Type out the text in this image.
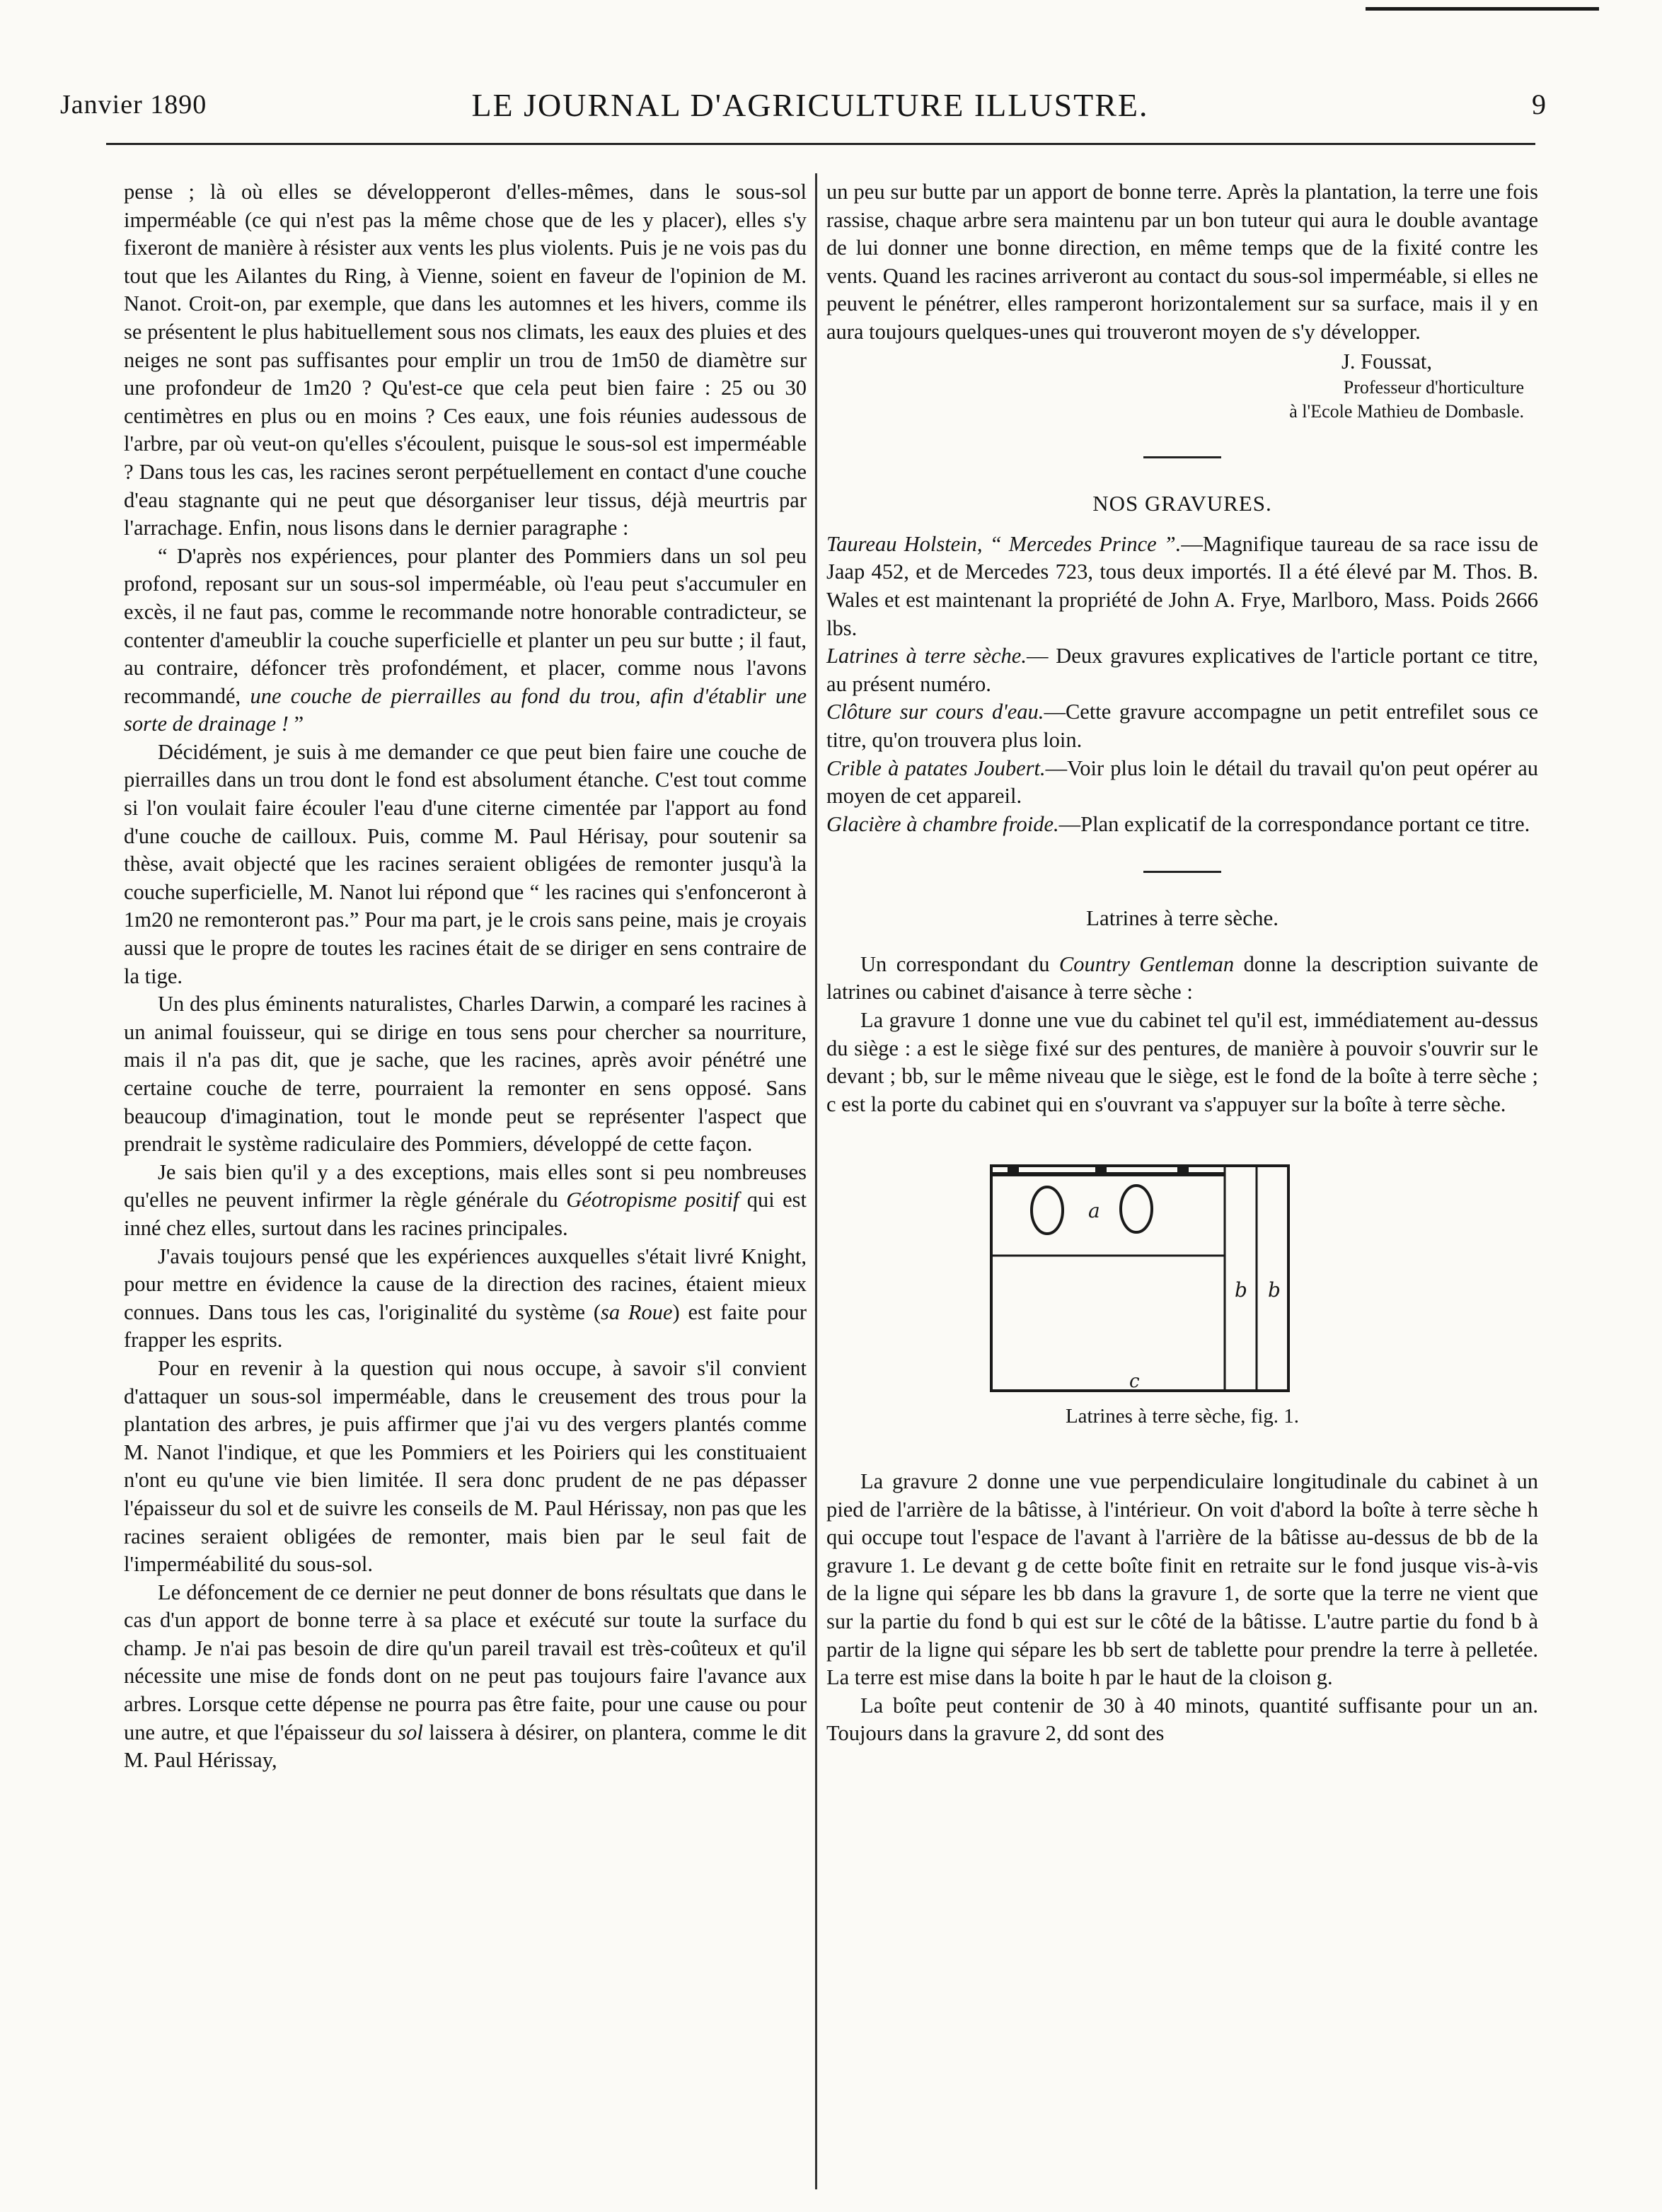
Janvier 1890	LE JOURNAL D'AGRICULTURE ILLUSTRE.	9

pense ; là où elles se développeront d'elles-mêmes, dans le sous-sol imperméable (ce qui n'est pas la même chose que de les y placer), elles s'y fixeront de manière à résister aux vents les plus violents. Puis je ne vois pas du tout que les Ailantes du Ring, à Vienne, soient en faveur de l'opinion de M. Nanot. Croit-on, par exemple, que dans les automnes et les hivers, comme ils se présentent le plus habituellement sous nos climats, les eaux des pluies et des neiges ne sont pas suffisantes pour emplir un trou de 1m50 de diamètre sur une profondeur de 1m20 ? Qu'est-ce que cela peut bien faire : 25 ou 30 centimètres en plus ou en moins ? Ces eaux, une fois réunies audessous de l'arbre, par où veut-on qu'elles s'écoulent, puisque le sous-sol est imperméable ? Dans tous les cas, les racines seront perpétuellement en contact d'une couche d'eau stagnante qui ne peut que désorganiser leur tissus, déjà meurtris par l'arrachage. Enfin, nous lisons dans le dernier paragraphe :

“ D'après nos expériences, pour planter des Pommiers dans un sol peu profond, reposant sur un sous-sol imperméable, où l'eau peut s'accumuler en excès, il ne faut pas, comme le recommande notre honorable contradicteur, se contenter d'ameublir la couche superficielle et planter un peu sur butte ; il faut, au contraire, défoncer très profondément, et placer, comme nous l'avons recommandé, une couche de pierrailles au fond du trou, afin d'établir une sorte de drainage ! ”

Décidément, je suis à me demander ce que peut bien faire une couche de pierrailles dans un trou dont le fond est absolument étanche. C'est tout comme si l'on voulait faire écouler l'eau d'une citerne cimentée par l'apport au fond d'une couche de cailloux. Puis, comme M. Paul Hérisay, pour soutenir sa thèse, avait objecté que les racines seraient obligées de remonter jusqu'à la couche superficielle, M. Nanot lui répond que “ les racines qui s'enfonceront à 1m20 ne remonteront pas.” Pour ma part, je le crois sans peine, mais je croyais aussi que le propre de toutes les racines était de se diriger en sens contraire de la tige.

Un des plus éminents naturalistes, Charles Darwin, a comparé les racines à un animal fouisseur, qui se dirige en tous sens pour chercher sa nourriture, mais il n'a pas dit, que je sache, que les racines, après avoir pénétré une certaine couche de terre, pourraient la remonter en sens opposé. Sans beaucoup d'imagination, tout le monde peut se représenter l'aspect que prendrait le système radiculaire des Pommiers, développé de cette façon.

Je sais bien qu'il y a des exceptions, mais elles sont si peu nombreuses qu'elles ne peuvent infirmer la règle générale du Géotropisme positif qui est inné chez elles, surtout dans les racines principales.

J'avais toujours pensé que les expériences auxquelles s'était livré Knight, pour mettre en évidence la cause de la direction des racines, étaient mieux connues. Dans tous les cas, l'originalité du système (sa Roue) est faite pour frapper les esprits.

Pour en revenir à la question qui nous occupe, à savoir s'il convient d'attaquer un sous-sol imperméable, dans le creusement des trous pour la plantation des arbres, je puis affirmer que j'ai vu des vergers plantés comme M. Nanot l'indique, et que les Pommiers et les Poiriers qui les constituaient n'ont eu qu'une vie bien limitée. Il sera donc prudent de ne pas dépasser l'épaisseur du sol et de suivre les conseils de M. Paul Hérissay, non pas que les racines seraient obligées de remonter, mais bien par le seul fait de l'imperméabilité du sous-sol.

Le défoncement de ce dernier ne peut donner de bons résultats que dans le cas d'un apport de bonne terre à sa place et exécuté sur toute la surface du champ. Je n'ai pas besoin de dire qu'un pareil travail est très-coûteux et qu'il nécessite une mise de fonds dont on ne peut pas toujours faire l'avance aux arbres. Lorsque cette dépense ne pourra pas être faite, pour une cause ou pour une autre, et que l'épaisseur du sol laissera à désirer, on plantera, comme le dit M. Paul Hérissay,

un peu sur butte par un apport de bonne terre. Après la plantation, la terre une fois rassise, chaque arbre sera maintenu par un bon tuteur qui aura le double avantage de lui donner une bonne direction, en même temps que de la fixité contre les vents. Quand les racines arriveront au contact du sous-sol imperméable, si elles ne peuvent le pénétrer, elles ramperont horizontalement sur sa surface, mais il y en aura toujours quelques-unes qui trouveront moyen de s'y développer.

J. Foussat,
Professeur d'horticulture
à l'Ecole Mathieu de Dombasle.
NOS GRAVURES.

Taureau Holstein, “ Mercedes Prince ”.—Magnifique taureau de sa race issu de Jaap 452, et de Mercedes 723, tous deux importés. Il a été élevé par M. Thos. B. Wales et est maintenant la propriété de John A. Frye, Marlboro, Mass. Poids 2666 lbs.

Latrines à terre sèche.— Deux gravures explicatives de l'article portant ce titre, au présent numéro.

Clôture sur cours d'eau.—Cette gravure accompagne un petit entrefilet sous ce titre, qu'on trouvera plus loin.

Crible à patates Joubert.—Voir plus loin le détail du travail qu'on peut opérer au moyen de cet appareil.

Glacière à chambre froide.—Plan explicatif de la correspondance portant ce titre.

Latrines à terre sèche.

Un correspondant du Country Gentleman donne la description suivante de latrines ou cabinet d'aisance à terre sèche :

La gravure 1 donne une vue du cabinet tel qu'il est, immédiatement au-dessus du siège : a est le siège fixé sur des pentures, de manière à pouvoir s'ouvrir sur le devant ; bb, sur le même niveau que le siège, est le fond de la boîte à terre sèche ; c est la porte du cabinet qui en s'ouvrant va s'appuyer sur la boîte à terre sèche.

a
b b
c
Latrines à terre sèche, fig. 1.

La gravure 2 donne une vue perpendiculaire longitudinale du cabinet à un pied de l'arrière de la bâtisse, à l'intérieur. On voit d'abord la boîte à terre sèche h qui occupe tout l'espace de l'avant à l'arrière de la bâtisse au-dessus de bb de la gravure 1. Le devant g de cette boîte finit en retraite sur le fond jusque vis-à-vis de la ligne qui sépare les bb dans la gravure 1, de sorte que la terre ne vient que sur la partie du fond b qui est sur le côté de la bâtisse. L'autre partie du fond b à partir de la ligne qui sépare les bb sert de tablette pour prendre la terre à pelletée. La terre est mise dans la boite h par le haut de la cloison g.

La boîte peut contenir de 30 à 40 minots, quantité suffisante pour un an. Toujours dans la gravure 2, dd sont des
